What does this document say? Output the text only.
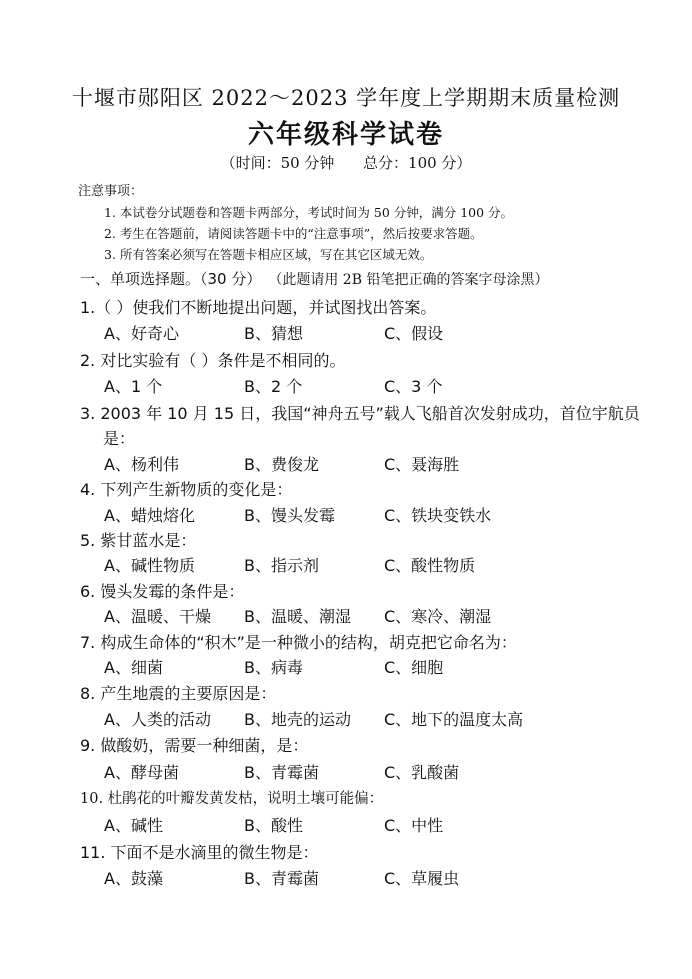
十堰市郧阳区 2022～2023 学年度上学期期末质量检测
六年级科学试卷
（时间：50 分钟      总分：100 分）
注意事项：
1. 本试卷分试题卷和答题卡两部分，考试时间为 50 分钟，满分 100 分。
2. 考生在答题前，请阅读答题卡中的“注意事项”，然后按要求答题。
3. 所有答案必须写在答题卡相应区域，写在其它区域无效。
一、单项选择题。（30 分） （此题请用 2B 铅笔把正确的答案字母涂黑）
1.（ ）使我们不断地提出问题，并试图找出答案。
A、好奇心	B、猜想	C、假设
2. 对比实验有（ ）条件是不相同的。
A、1 个	B、2 个	C、3 个
3. 2003 年 10 月 15 日，我国“神舟五号”载人飞船首次发射成功，首位宇航员
是：
A、杨利伟	B、费俊龙	C、聂海胜
4. 下列产生新物质的变化是：
A、蜡烛熔化	B、馒头发霉	C、铁块变铁水
5. 紫甘蓝水是：
A、碱性物质	B、指示剂	C、酸性物质
6. 馒头发霉的条件是：
A、温暖、干燥 B、温暖、潮湿 C、寒冷、潮湿
7. 构成生命体的“积木”是一种微小的结构，胡克把它命名为：
A、细菌	B、病毒	C、细胞
8. 产生地震的主要原因是：
A、人类的活动 B、地壳的运动 C、地下的温度太高
9. 做酸奶，需要一种细菌，是：
A、酵母菌	B、青霉菌	C、乳酸菌
10. 杜鹃花的叶瓣发黄发枯，说明土壤可能偏：
A、碱性	B、酸性	C、中性
11. 下面不是水滴里的微生物是：
A、鼓藻	B、青霉菌	C、草履虫
